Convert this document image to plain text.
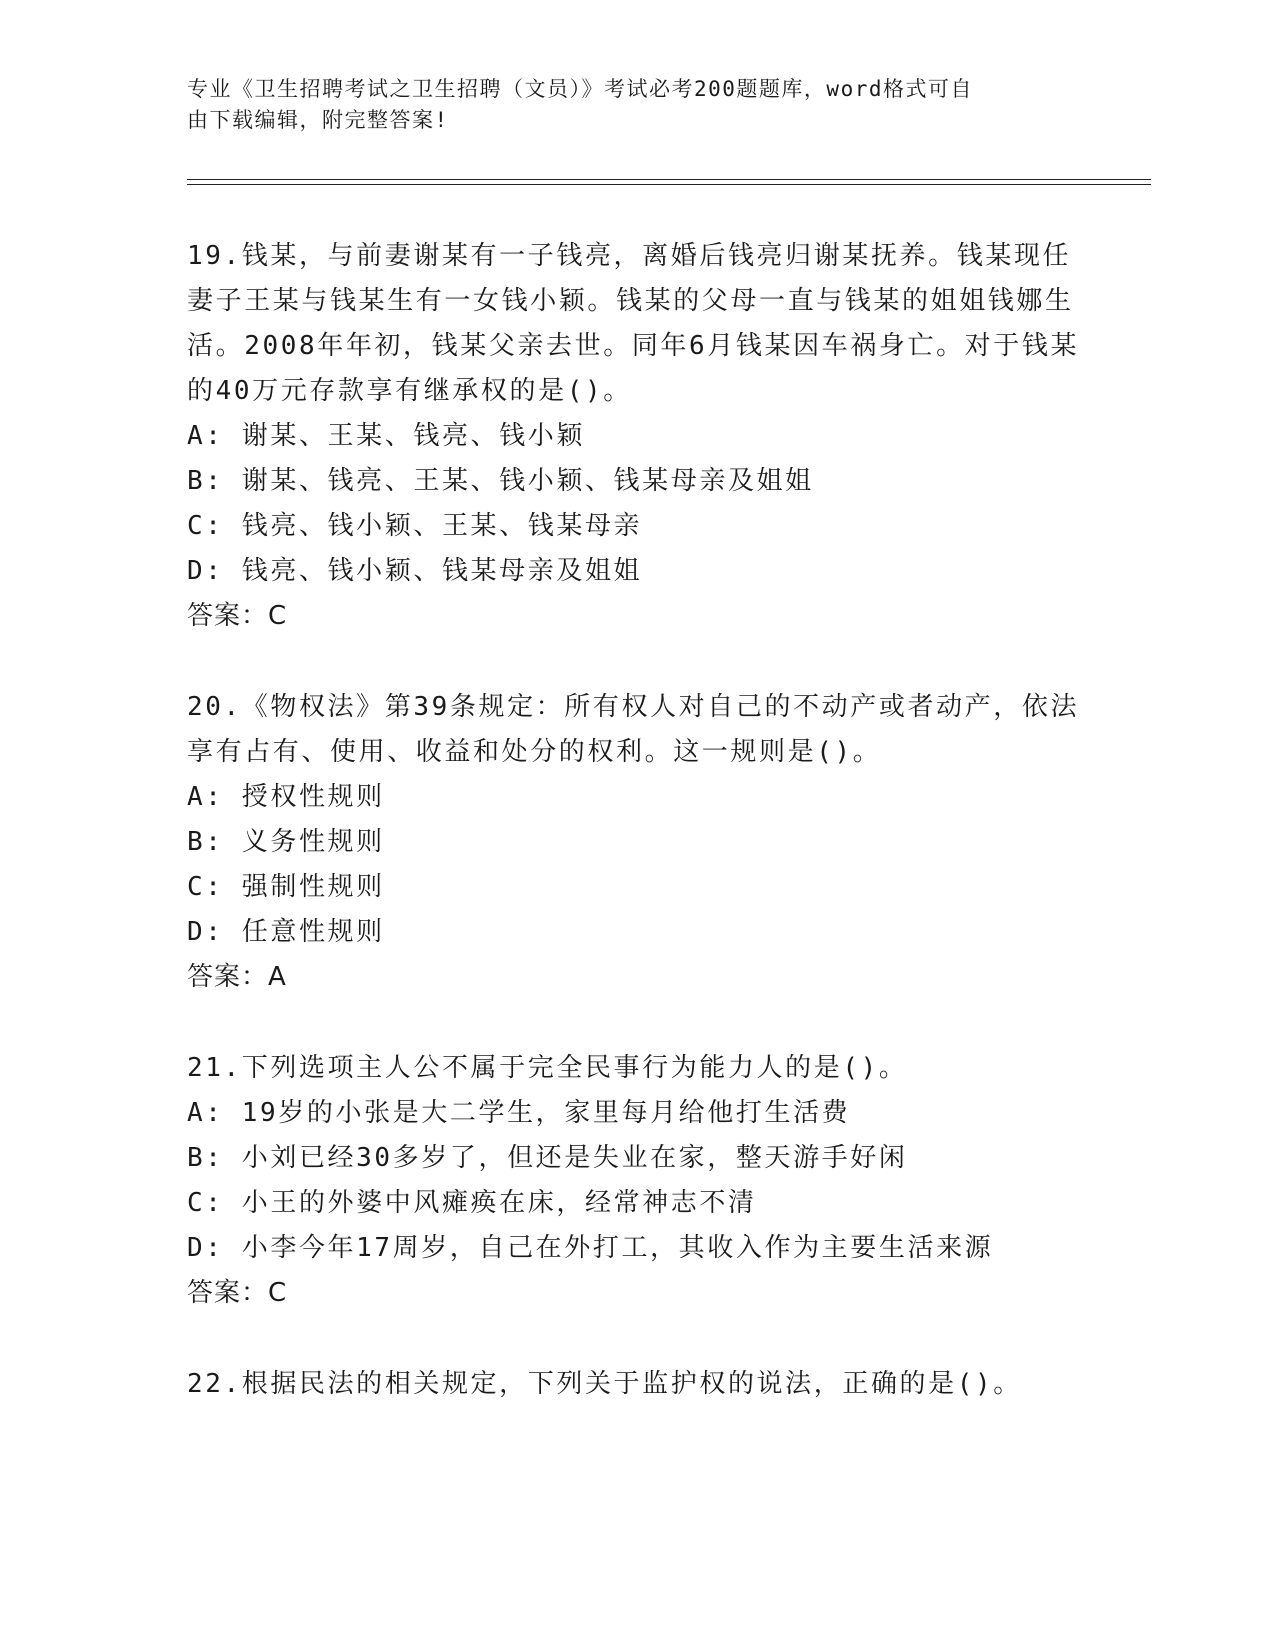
专业《卫生招聘考试之卫生招聘（文员）》考试必考200题题库，word格式可自
由下载编辑，附完整答案!
19.钱某，与前妻谢某有一子钱亮，离婚后钱亮归谢某抚养。钱某现任妻子王某与钱某生有一女钱小颖。钱某的父母一直与钱某的姐姐钱娜生活。2008年年初，钱某父亲去世。同年6月钱某因车祸身亡。对于钱某的40万元存款享有继承权的是()。
A: 谢某、王某、钱亮、钱小颖
B: 谢某、钱亮、王某、钱小颖、钱某母亲及姐姐
C: 钱亮、钱小颖、王某、钱某母亲
D: 钱亮、钱小颖、钱某母亲及姐姐
答案：C
20.《物权法》第39条规定：所有权人对自己的不动产或者动产，依法享有占有、使用、收益和处分的权利。这一规则是()。
A: 授权性规则
B: 义务性规则
C: 强制性规则
D: 任意性规则
答案：A
21.下列选项主人公不属于完全民事行为能力人的是()。
A: 19岁的小张是大二学生，家里每月给他打生活费
B: 小刘已经30多岁了，但还是失业在家，整天游手好闲
C: 小王的外婆中风瘫痪在床，经常神志不清
D: 小李今年17周岁，自己在外打工，其收入作为主要生活来源
答案：C
22.根据民法的相关规定，下列关于监护权的说法，正确的是()。
